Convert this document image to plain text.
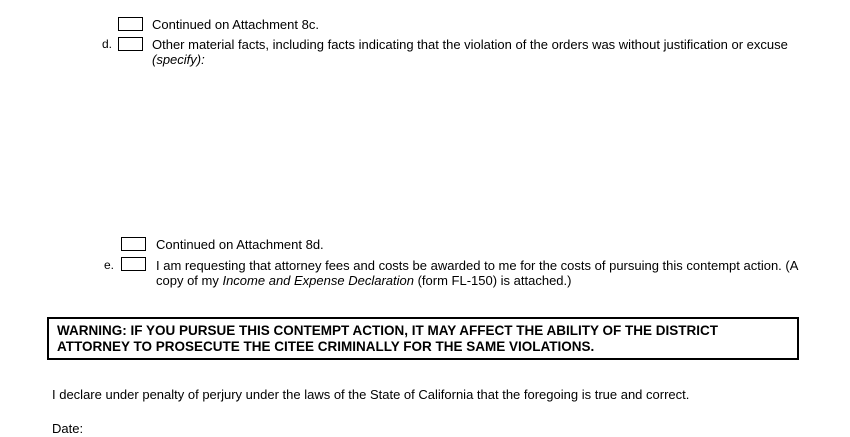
Continued on Attachment 8c.
d.	Other material facts, including facts indicating that the violation of the orders was without justification or excuse
(specify):
Continued on Attachment 8d.
e.	I am requesting that attorney fees and costs be awarded to me for the costs of pursuing this contempt action. (A
copy of my Income and Expense Declaration (form FL-150) is attached.)
WARNING: IF YOU PURSUE THIS CONTEMPT ACTION, IT MAY AFFECT THE ABILITY OF THE DISTRICT
ATTORNEY TO PROSECUTE THE CITEE CRIMINALLY FOR THE SAME VIOLATIONS.
I declare under penalty of perjury under the laws of the State of California that the foregoing is true and correct.
Date:
